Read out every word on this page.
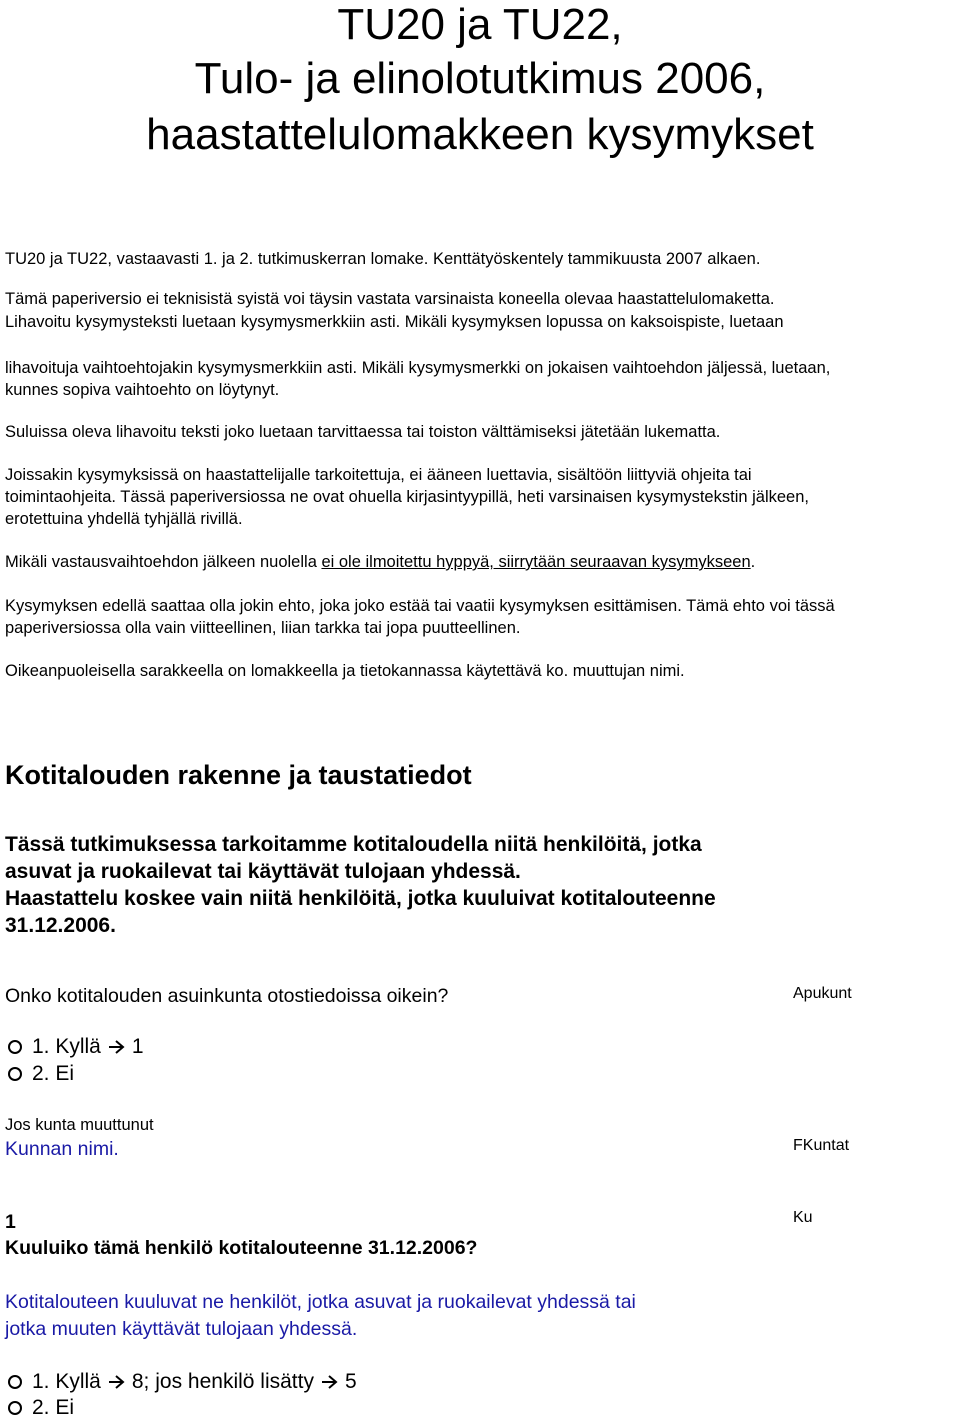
TU20 ja TU22,
Tulo- ja elinolotutkimus 2006,
haastattelulomakkeen kysymykset

TU20 ja TU22, vastaavasti 1. ja 2. tutkimuskerran lomake. Kenttätyöskentely tammikuusta 2007 alkaen.

Tämä paperiversio ei teknisistä syistä voi täysin vastata varsinaista koneella olevaa haastattelulomaketta.

Lihavoitu kysymysteksti luetaan kysymysmerkkiin asti. Mikäli kysymyksen lopussa on kaksoispiste, luetaan

lihavoituja vaihtoehtojakin kysymysmerkkiin asti. Mikäli kysymysmerkki on jokaisen vaihtoehdon jäljessä, luetaan,

kunnes sopiva vaihtoehto on löytynyt.

Suluissa oleva lihavoitu teksti joko luetaan tarvittaessa tai toiston välttämiseksi jätetään lukematta.

Joissakin kysymyksissä on haastattelijalle tarkoitettuja, ei ääneen luettavia, sisältöön liittyviä ohjeita tai

toimintaohjeita. Tässä paperiversiossa ne ovat ohuella kirjasintyypillä, heti varsinaisen kysymystekstin jälkeen,

erotettuina yhdellä tyhjällä rivillä.

Mikäli vastausvaihtoehdon jälkeen nuolella ei ole ilmoitettu hyppyä, siirrytään seuraavan kysymykseen.

Kysymyksen edellä saattaa olla jokin ehto, joka joko estää tai vaatii kysymyksen esittämisen. Tämä ehto voi tässä

paperiversiossa olla vain viitteellinen, liian tarkka tai jopa puutteellinen.

Oikeanpuoleisella sarakkeella on lomakkeella ja tietokannassa käytettävä ko. muuttujan nimi.

Kotitalouden rakenne ja taustatiedot
Tässä tutkimuksessa tarkoitamme kotitaloudella niitä henkilöitä, jotka
asuvat ja ruokailevat tai käyttävät tulojaan yhdessä.
Haastattelu koskee vain niitä henkilöitä, jotka kuuluivat kotitalouteenne
31.12.2006.
Onko kotitalouden asuinkunta otostiedoissa oikein?	Apukunt
1. Kyllä 1
2. Ei
Jos kunta muuttunut
Kunnan nimi.	FKuntat
1	Ku
Kuuluiko tämä henkilö kotitalouteenne 31.12.2006?
Kotitalouteen kuuluvat ne henkilöt, jotka asuvat ja ruokailevat yhdessä tai
jotka muuten käyttävät tulojaan yhdessä.
1. Kyllä 8; jos henkilö lisätty 5
2. Ei
